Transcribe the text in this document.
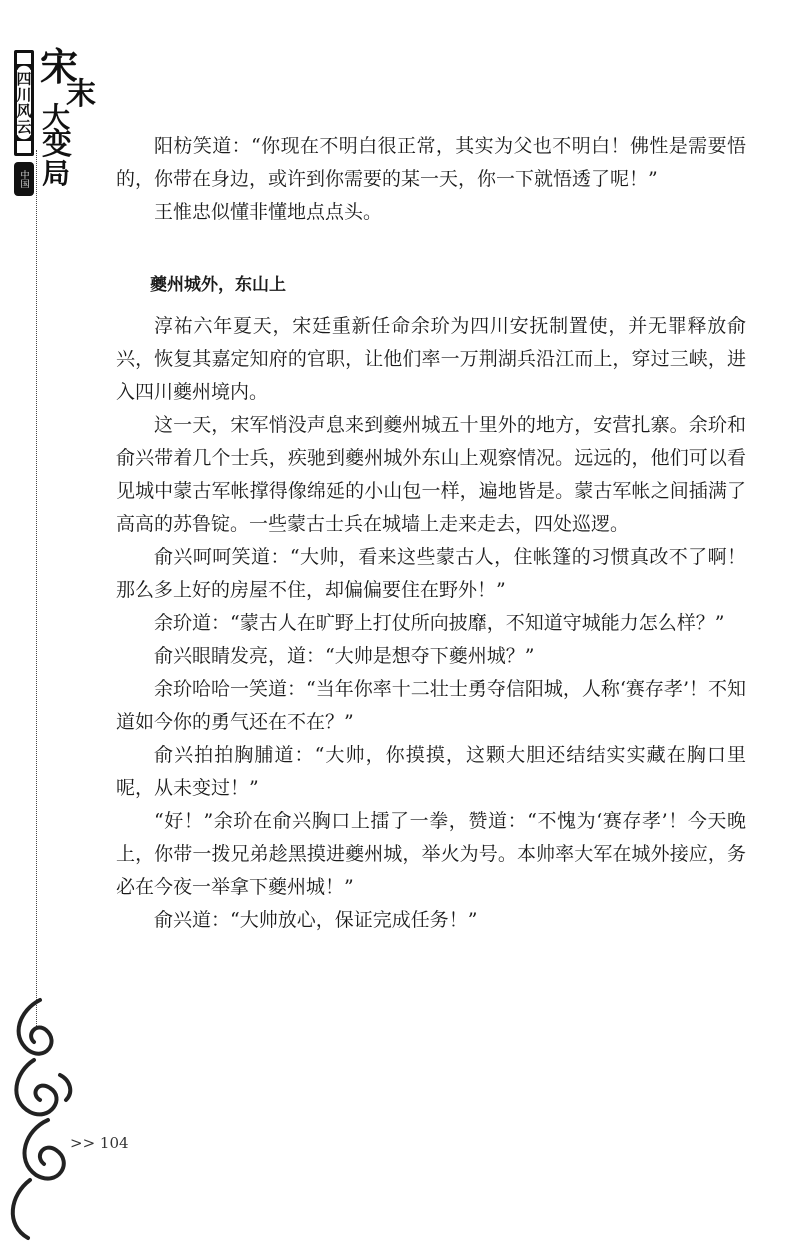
【四川风云】
中国
宋
末
大
变
局

阳枋笑道：“你现在不明白很正常，其实为父也不明白！佛性是需要悟的，你带在身边，或许到你需要的某一天，你一下就悟透了呢！”

王惟忠似懂非懂地点点头。

夔州城外，东山上

淳祐六年夏天，宋廷重新任命余玠为四川安抚制置使，并无罪释放俞兴，恢复其嘉定知府的官职，让他们率一万荆湖兵沿江而上，穿过三峡，进入四川夔州境内。

这一天，宋军悄没声息来到夔州城五十里外的地方，安营扎寨。余玠和俞兴带着几个士兵，疾驰到夔州城外东山上观察情况。远远的，他们可以看见城中蒙古军帐撑得像绵延的小山包一样，遍地皆是。蒙古军帐之间插满了高高的苏鲁锭。一些蒙古士兵在城墙上走来走去，四处巡逻。

俞兴呵呵笑道：“大帅，看来这些蒙古人，住帐篷的习惯真改不了啊！那么多上好的房屋不住，却偏偏要住在野外！”

余玠道：“蒙古人在旷野上打仗所向披靡，不知道守城能力怎么样？”

俞兴眼睛发亮，道：“大帅是想夺下夔州城？”

余玠哈哈一笑道：“当年你率十二壮士勇夺信阳城，人称‘赛存孝’！不知道如今你的勇气还在不在？”

俞兴拍拍胸脯道：“大帅，你摸摸，这颗大胆还结结实实藏在胸口里呢，从未变过！”

“好！”余玠在俞兴胸口上擂了一拳，赞道：“不愧为‘赛存孝’！今天晚上，你带一拨兄弟趁黑摸进夔州城，举火为号。本帅率大军在城外接应，务必在今夜一举拿下夔州城！”

俞兴道：“大帅放心，保证完成任务！”

>> 104
